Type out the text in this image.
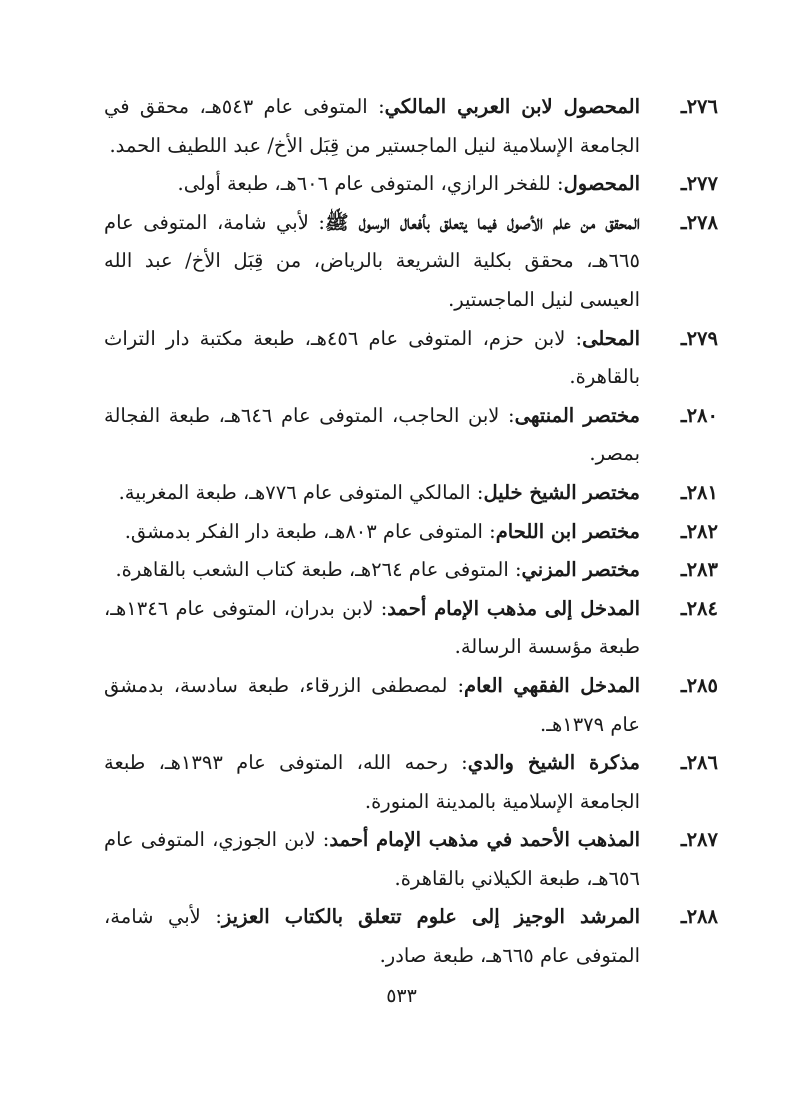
٢٧٦ـ
المحصول لابن العربي المالكي: المتوفى عام ٥٤٣هـ، محقق في الجامعة الإسلامية لنيل الماجستير من قِبَل الأخ/ عبد اللطيف الحمد.

٢٧٧ـ
المحصول: للفخر الرازي، المتوفى عام ٦٠٦هـ، طبعة أولى.

٢٧٨ـ
المحقق من علم الأصول فيما يتعلق بأفعال الرسول ﷺ: لأبي شامة، المتوفى عام ٦٦٥هـ، محقق بكلية الشريعة بالرياض، من قِبَل الأخ/ عبد الله العيسى لنيل الماجستير.

٢٧٩ـ
المحلى: لابن حزم، المتوفى عام ٤٥٦هـ، طبعة مكتبة دار التراث بالقاهرة.

٢٨٠ـ
مختصر المنتهى: لابن الحاجب، المتوفى عام ٦٤٦هـ، طبعة الفجالة بمصر.

٢٨١ـ
مختصر الشيخ خليل: المالكي المتوفى عام ٧٧٦هـ، طبعة المغربية.

٢٨٢ـ
مختصر ابن اللحام: المتوفى عام ٨٠٣هـ، طبعة دار الفكر بدمشق.

٢٨٣ـ
مختصر المزني: المتوفى عام ٢٦٤هـ، طبعة كتاب الشعب بالقاهرة.

٢٨٤ـ
المدخل إلى مذهب الإمام أحمد: لابن بدران، المتوفى عام ١٣٤٦هـ، طبعة مؤسسة الرسالة.

٢٨٥ـ
المدخل الفقهي العام: لمصطفى الزرقاء، طبعة سادسة، بدمشق عام ١٣٧٩هـ.

٢٨٦ـ
مذكرة الشيخ والدي: رحمه الله، المتوفى عام ١٣٩٣هـ، طبعة الجامعة الإسلامية بالمدينة المنورة.

٢٨٧ـ
المذهب الأحمد في مذهب الإمام أحمد: لابن الجوزي، المتوفى عام ٦٥٦هـ، طبعة الكيلاني بالقاهرة.

٢٨٨ـ
المرشد الوجيز إلى علوم تتعلق بالكتاب العزيز: لأبي شامة، المتوفى عام ٦٦٥هـ، طبعة صادر.

٥٣٣
